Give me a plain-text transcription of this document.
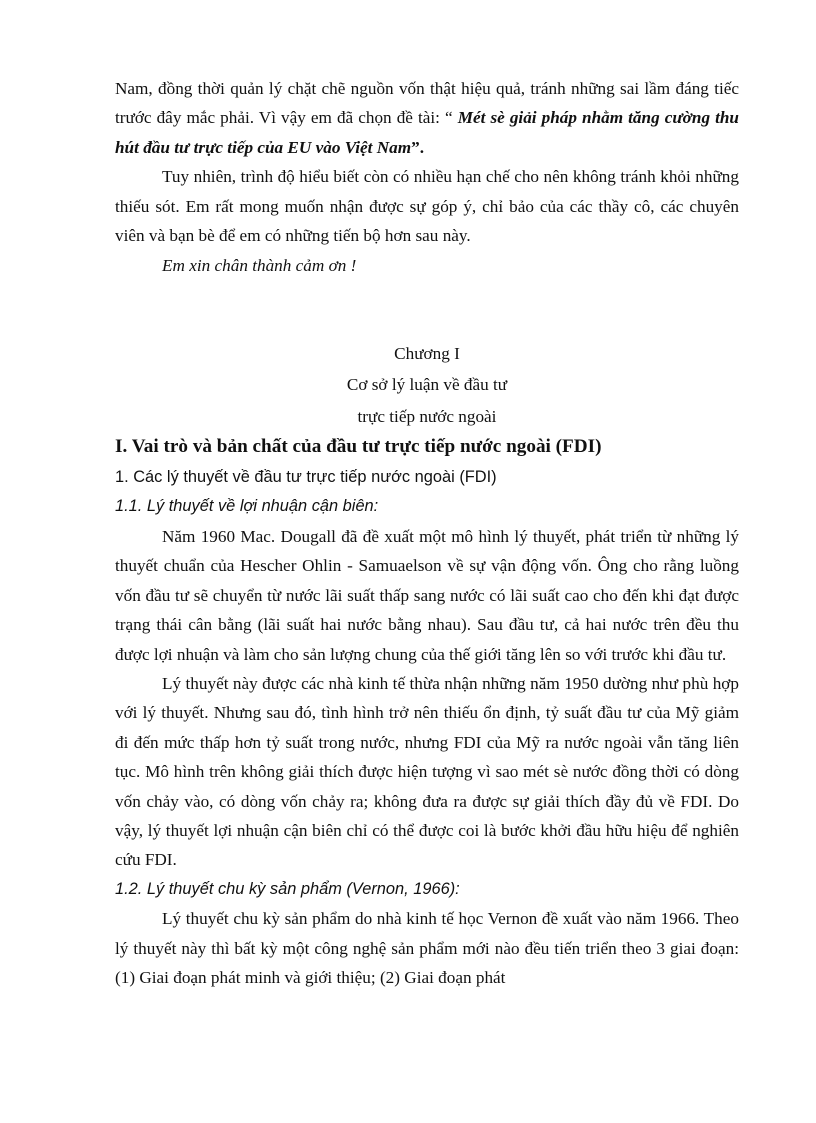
Nam, đồng thời quản lý chặt chẽ nguồn vốn thật hiệu quả, tránh những sai lầm đáng tiếc trước đây mắc phải. Vì vậy em đã chọn đề tài: “ Mét sè giải pháp nhằm tăng cường thu hút đầu tư trực tiếp của EU vào Việt Nam”.

Tuy nhiên, trình độ hiểu biết còn có nhiều hạn chế cho nên không tránh khỏi những thiếu sót. Em rất mong muốn nhận được sự góp ý, chỉ bảo của các thầy cô, các chuyên viên và bạn bè để em có những tiến bộ hơn sau này.

Em xin chân thành cảm ơn !

Chương I

Cơ sở lý luận về đầu tư

trực tiếp nước ngoài

I. Vai trò và bản chất của đầu tư trực tiếp nước ngoài (FDI)

1. Các lý thuyết về đầu tư trực tiếp nước ngoài (FDI)

1.1. Lý thuyết về lợi nhuận cận biên:

Năm 1960 Mac. Dougall đã đề xuất một mô hình lý thuyết, phát triển từ những lý thuyết chuẩn của Hescher Ohlin - Samuaelson về sự vận động vốn. Ông cho rằng luồng vốn đầu tư sẽ chuyển từ nước lãi suất thấp sang nước có lãi suất cao cho đến khi đạt được trạng thái cân bằng (lãi suất hai nước bằng nhau). Sau đầu tư, cả hai nước trên đều thu được lợi nhuận và làm cho sản lượng chung của thế giới tăng lên so với trước khi đầu tư.

Lý thuyết này được các nhà kinh tế thừa nhận những năm 1950 dường như phù hợp với lý thuyết. Nhưng sau đó, tình hình trở nên thiếu ổn định, tỷ suất đầu tư của Mỹ giảm đi đến mức thấp hơn tỷ suất trong nước, nhưng FDI của Mỹ ra nước ngoài vẫn tăng liên tục. Mô hình trên không giải thích được hiện tượng vì sao mét sè nước đồng thời có dòng vốn chảy vào, có dòng vốn chảy ra; không đưa ra được sự giải thích đầy đủ về FDI. Do vậy, lý thuyết lợi nhuận cận biên chỉ có thể được coi là bước khởi đầu hữu hiệu để nghiên cứu FDI.

1.2. Lý thuyết chu kỳ sản phẩm (Vernon, 1966):

Lý thuyết chu kỳ sản phẩm do nhà kinh tế học Vernon đề xuất vào năm 1966. Theo lý thuyết này thì bất kỳ một công nghệ sản phẩm mới nào đều tiến triển theo 3 giai đoạn: (1) Giai đoạn phát minh và giới thiệu; (2) Giai đoạn phát
